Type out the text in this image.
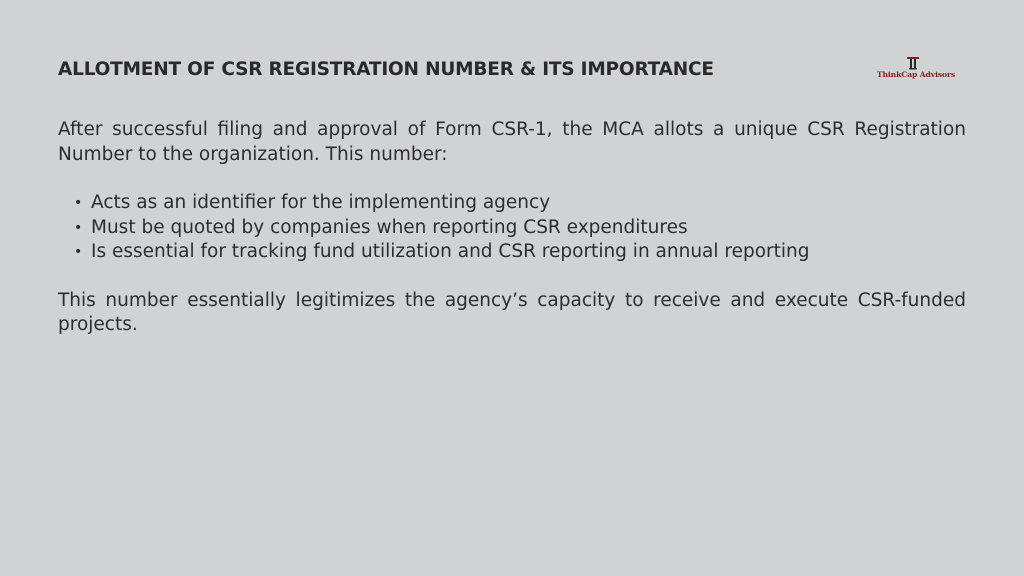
ALLOTMENT OF CSR REGISTRATION NUMBER & ITS IMPORTANCE	ThinkCap Advisors

After successful filing and approval of Form CSR-1, the MCA allots a unique CSR Registration Number to the organization. This number:

• Acts as an identifier for the implementing agency
• Must be quoted by companies when reporting CSR expenditures
• Is essential for tracking fund utilization and CSR reporting in annual reporting

This number essentially legitimizes the agency’s capacity to receive and execute CSR-funded projects.
